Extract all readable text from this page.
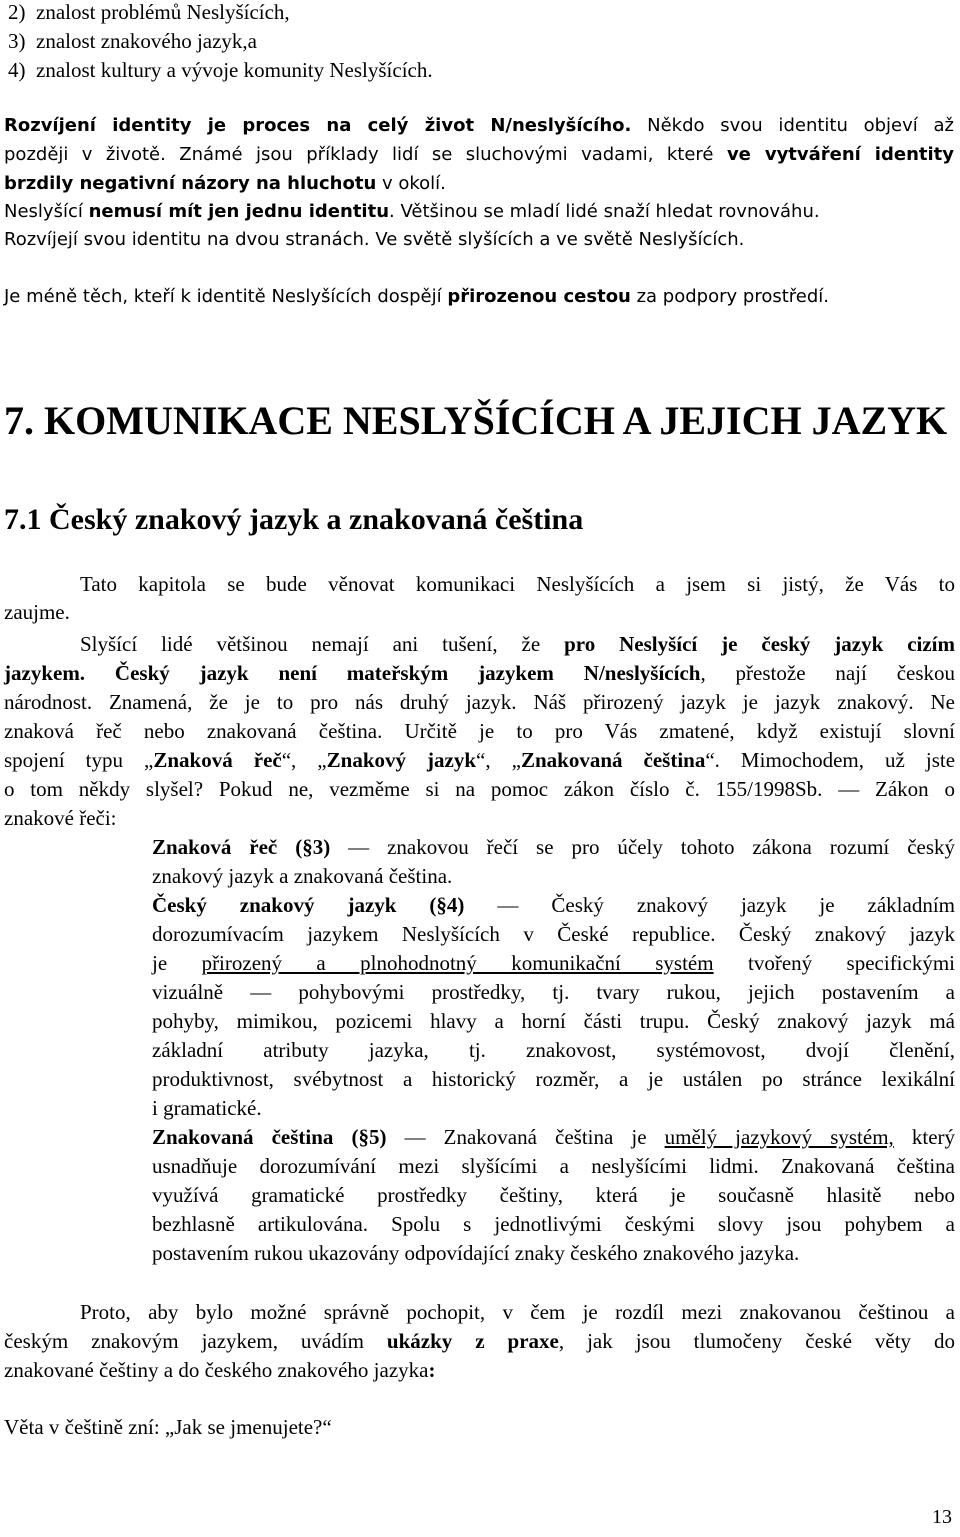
2)  znalost problémů Neslyšících,
3)  znalost znakového jazyk,a
4)  znalost kultury a vývoje komunity Neslyšících.
Rozvíjení identity je proces na celý život N/neslyšícího. Někdo svou identitu objeví až
později v životě. Známé jsou příklady lidí se sluchovými vadami, které ve vytváření identity
brzdily negativní názory na hluchotu v okolí.
Neslyšící nemusí mít jen jednu identitu. Většinou se mladí lidé snaží hledat rovnováhu.
Rozvíjejí svou identitu na dvou stranách. Ve světě slyšících a ve světě Neslyšících.
Je méně těch, kteří k identitě Neslyšících dospějí přirozenou cestou za podpory prostředí.
7. KOMUNIKACE NESLYŠÍCÍCH A JEJICH JAZYK
7.1 Český znakový jazyk a znakovaná čeština
Tato kapitola se bude věnovat komunikaci Neslyšících a jsem si jistý, že Vás to
zaujme.
Slyšící lidé většinou nemají ani tušení, že pro Neslyšící je český jazyk cizím
jazykem. Český jazyk není mateřským jazykem N/neslyšících, přestože nají českou
národnost. Znamená, že je to pro nás druhý jazyk. Náš přirozený jazyk je jazyk znakový. Ne
znaková řeč nebo znakovaná čeština. Určitě je to pro Vás zmatené, když existují slovní
spojení typu „Znaková řeč“, „Znakový jazyk“, „Znakovaná čeština“. Mimochodem, už jste
o tom někdy slyšel? Pokud ne, vezměme si na pomoc zákon číslo č. 155/1998Sb. — Zákon o
znakové řeči:
Znaková řeč (§3) — znakovou řečí se pro účely tohoto zákona rozumí český
znakový jazyk a znakovaná čeština.
Český znakový jazyk (§4) — Český znakový jazyk je základním
dorozumívacím jazykem Neslyšících v České republice. Český znakový jazyk
je přirozený a plnohodnotný komunikační systém tvořený specifickými
vizuálně — pohybovými prostředky, tj. tvary rukou, jejich postavením a
pohyby, mimikou, pozicemi hlavy a horní části trupu. Český znakový jazyk má
základní atributy jazyka, tj. znakovost, systémovost, dvojí členění,
produktivnost, svébytnost a historický rozměr, a je ustálen po stránce lexikální
i gramatické.
Znakovaná čeština (§5) — Znakovaná čeština je umělý jazykový systém, který
usnadňuje dorozumívání mezi slyšícími a neslyšícími lidmi. Znakovaná čeština
využívá gramatické prostředky češtiny, která je současně hlasitě nebo
bezhlasně artikulována. Spolu s jednotlivými českými slovy jsou pohybem a
postavením rukou ukazovány odpovídající znaky českého znakového jazyka.
Proto, aby bylo možné správně pochopit, v čem je rozdíl mezi znakovanou češtinou a
českým znakovým jazykem, uvádím ukázky z praxe, jak jsou tlumočeny české věty do
znakované češtiny a do českého znakového jazyka:
Věta v češtině zní: „Jak se jmenujete?“
13
